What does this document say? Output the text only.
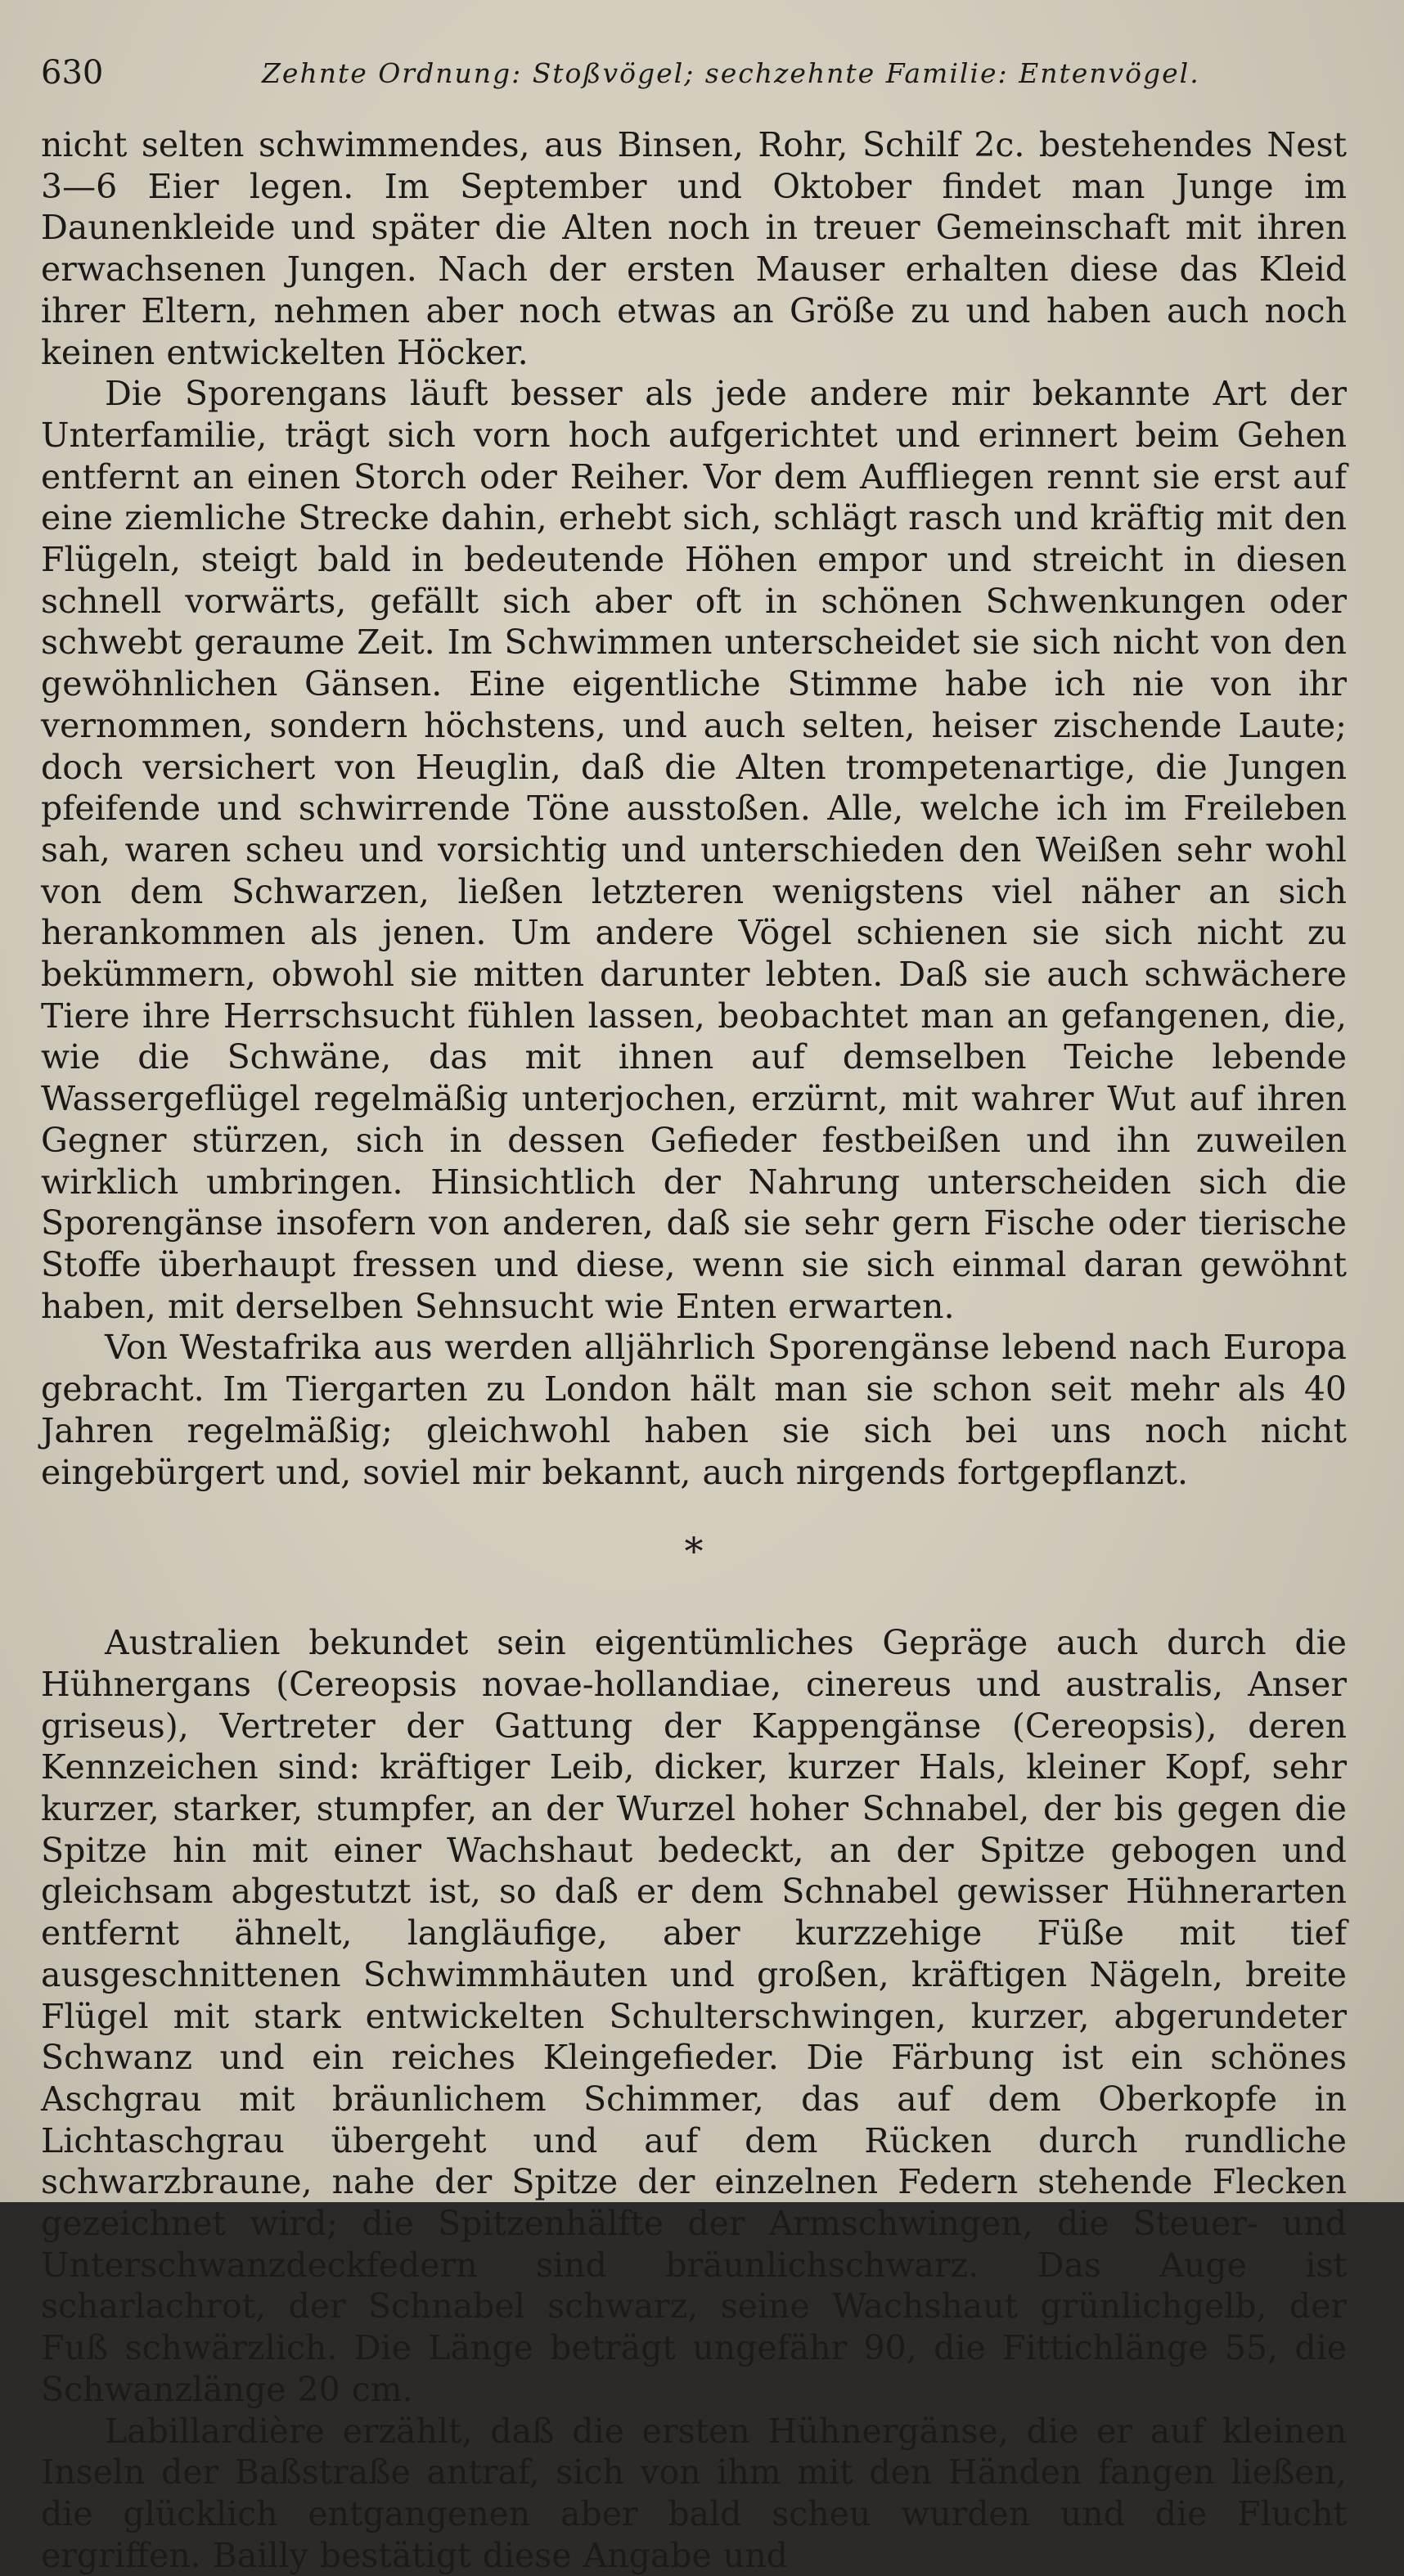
630	Zehnte Ordnung: Stoßvögel; sechzehnte Familie: Entenvögel.

nicht selten schwimmendes, aus Binsen, Rohr, Schilf 2c. bestehendes Nest 3—6 Eier legen. Im September und Oktober findet man Junge im Daunenkleide und später die Alten noch in treuer Gemeinschaft mit ihren erwachsenen Jungen. Nach der ersten Mauser erhalten diese das Kleid ihrer Eltern, nehmen aber noch etwas an Größe zu und haben auch noch keinen entwickelten Höcker.

Die Sporengans läuft besser als jede andere mir bekannte Art der Unterfamilie, trägt sich vorn hoch aufgerichtet und erinnert beim Gehen entfernt an einen Storch oder Reiher. Vor dem Auffliegen rennt sie erst auf eine ziemliche Strecke dahin, erhebt sich, schlägt rasch und kräftig mit den Flügeln, steigt bald in bedeutende Höhen empor und streicht in diesen schnell vorwärts, gefällt sich aber oft in schönen Schwenkungen oder schwebt geraume Zeit. Im Schwimmen unterscheidet sie sich nicht von den gewöhnlichen Gänsen. Eine eigentliche Stimme habe ich nie von ihr vernommen, sondern höchstens, und auch selten, heiser zischende Laute; doch versichert von Heuglin, daß die Alten trompetenartige, die Jungen pfeifende und schwirrende Töne ausstoßen. Alle, welche ich im Freileben sah, waren scheu und vorsichtig und unterschieden den Weißen sehr wohl von dem Schwarzen, ließen letzteren wenigstens viel näher an sich herankommen als jenen. Um andere Vögel schienen sie sich nicht zu bekümmern, obwohl sie mitten darunter lebten. Daß sie auch schwächere Tiere ihre Herrschsucht fühlen lassen, beobachtet man an gefangenen, die, wie die Schwäne, das mit ihnen auf demselben Teiche lebende Wassergeflügel regelmäßig unterjochen, erzürnt, mit wahrer Wut auf ihren Gegner stürzen, sich in dessen Gefieder festbeißen und ihn zuweilen wirklich umbringen. Hinsichtlich der Nahrung unterscheiden sich die Sporengänse insofern von anderen, daß sie sehr gern Fische oder tierische Stoffe überhaupt fressen und diese, wenn sie sich einmal daran gewöhnt haben, mit derselben Sehnsucht wie Enten erwarten.

Von Westafrika aus werden alljährlich Sporengänse lebend nach Europa gebracht. Im Tiergarten zu London hält man sie schon seit mehr als 40 Jahren regelmäßig; gleichwohl haben sie sich bei uns noch nicht eingebürgert und, soviel mir bekannt, auch nirgends fortgepflanzt.

*

Australien bekundet sein eigentümliches Gepräge auch durch die Hühnergans (Cereopsis novae-hollandiae, cinereus und australis, Anser griseus), Vertreter der Gattung der Kappengänse (Cereopsis), deren Kennzeichen sind: kräftiger Leib, dicker, kurzer Hals, kleiner Kopf, sehr kurzer, starker, stumpfer, an der Wurzel hoher Schnabel, der bis gegen die Spitze hin mit einer Wachshaut bedeckt, an der Spitze gebogen und gleichsam abgestutzt ist, so daß er dem Schnabel gewisser Hühnerarten entfernt ähnelt, langläufige, aber kurzzehige Füße mit tief ausgeschnittenen Schwimmhäuten und großen, kräftigen Nägeln, breite Flügel mit stark entwickelten Schulterschwingen, kurzer, abgerundeter Schwanz und ein reiches Kleingefieder. Die Färbung ist ein schönes Aschgrau mit bräunlichem Schimmer, das auf dem Oberkopfe in Lichtaschgrau übergeht und auf dem Rücken durch rundliche schwarzbraune, nahe der Spitze der einzelnen Federn stehende Flecken gezeichnet wird; die Spitzenhälfte der Armschwingen, die Steuer- und Unterschwanzdeckfedern sind bräunlichschwarz. Das Auge ist scharlachrot, der Schnabel schwarz, seine Wachshaut grünlichgelb, der Fuß schwärzlich. Die Länge beträgt ungefähr 90, die Fittichlänge 55, die Schwanzlänge 20 cm.

Labillardière erzählt, daß die ersten Hühnergänse, die er auf kleinen Inseln der Baßstraße antraf, sich von ihm mit den Händen fangen ließen, die glücklich entgangenen aber bald scheu wurden und die Flucht ergriffen. Bailly bestätigt diese Angabe und
